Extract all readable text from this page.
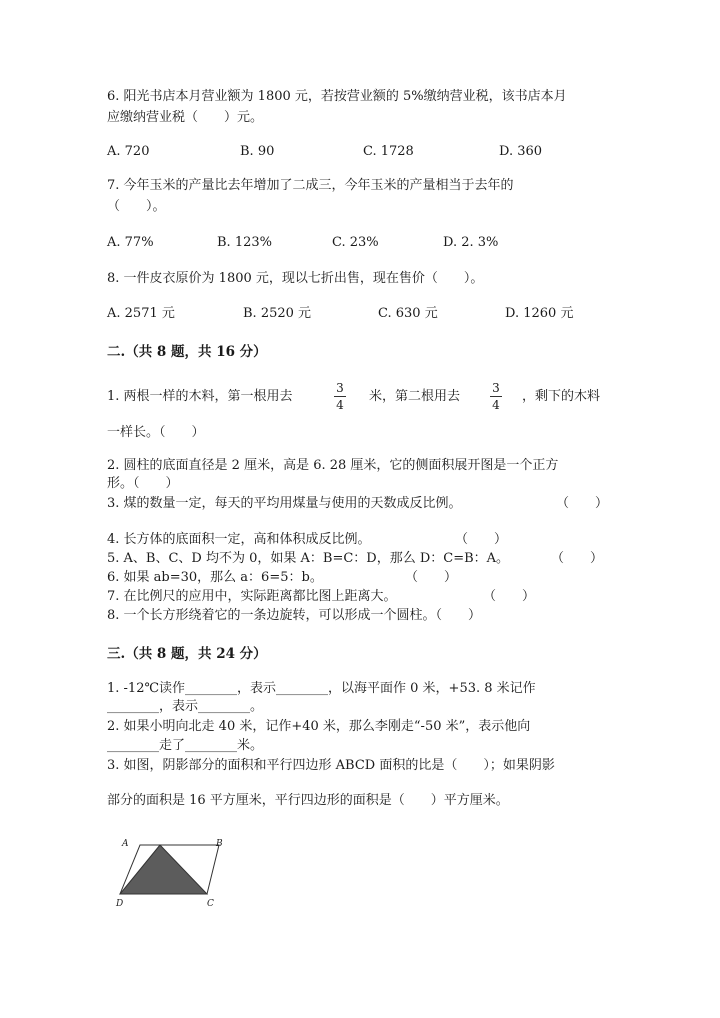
6. 阳光书店本月营业额为 1800 元，若按营业额的 5%缴纳营业税，该书店本月
应缴纳营业税（　　）元。
A. 720	B. 90	C. 1728	D. 360
7. 今年玉米的产量比去年增加了二成三，今年玉米的产量相当于去年的
（　　）。
A. 77%	B. 123%	C. 23%	D. 2. 3%
8. 一件皮衣原价为 1800 元，现以七折出售，现在售价（　　）。
A. 2571 元	B. 2520 元	C. 630 元	D. 1260 元
二.（共 8 题，共 16 分）
1. 两根一样的木料，第一根用去
3
4
米，第二根用去
3
4
，剩下的木料
一样长。（　　）
2. 圆柱的底面直径是 2 厘米，高是 6. 28 厘米，它的侧面积展开图是一个正方
形。（　　）
3. 煤的数量一定，每天的平均用煤量与使用的天数成反比例。	（　　）
4. 长方体的底面积一定，高和体积成反比例。	（　　）
5. A、B、C、D 均不为 0，如果 A：B=C：D，那么 D：C=B：A。	（　　）
6. 如果 ab=30，那么 a：6=5：b。	（　　）
7. 在比例尺的应用中，实际距离都比图上距离大。	（　　）
8. 一个长方形绕着它的一条边旋转，可以形成一个圆柱。（　　）
三.（共 8 题，共 24 分）
1. -12℃读作________，表示________，以海平面作 0 米，+53. 8 米记作
________，表示________。
2. 如果小明向北走 40 米，记作+40 米，那么李刚走“-50 米”，表示他向
________走了________米。
3. 如图，阴影部分的面积和平行四边形 ABCD 面积的比是（　　）；如果阴影
部分的面积是 16 平方厘米，平行四边形的面积是（　　）平方厘米。
A	B
C
D
